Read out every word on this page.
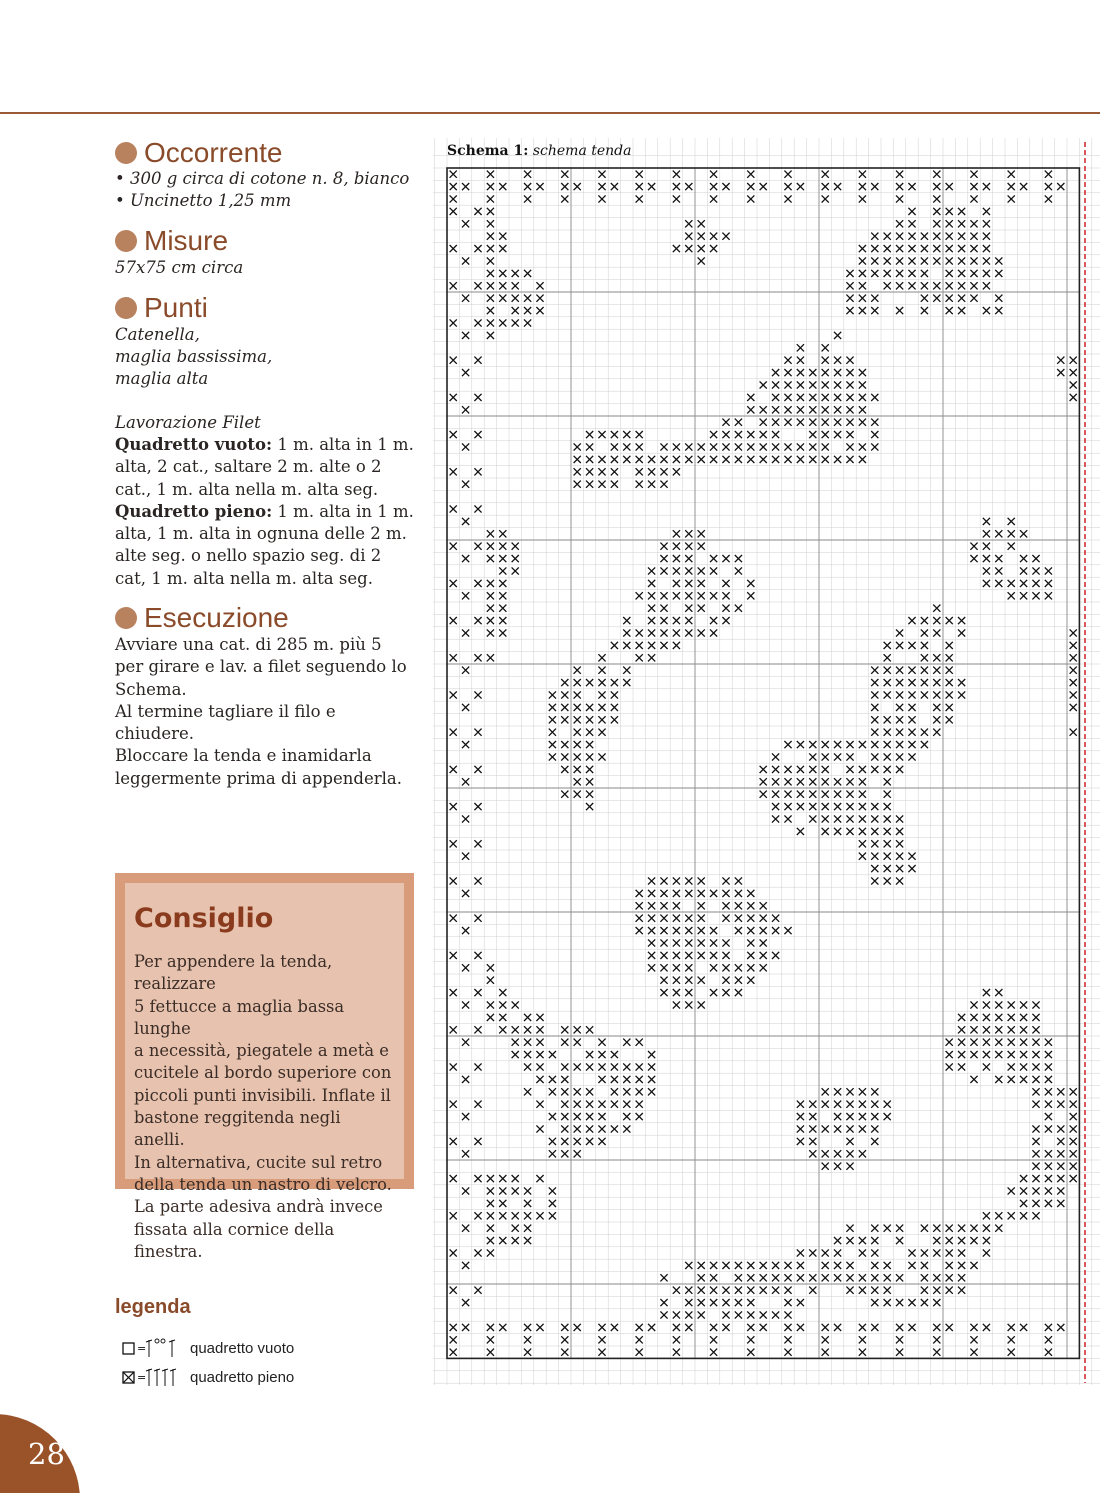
Occorrente
• 300 g circa di cotone n. 8, bianco
• Uncinetto 1,25 mm
Misure
57x75 cm circa
Punti
Catenella,
maglia bassissima,
maglia alta
Lavorazione Filet
Quadretto vuoto: 1 m. alta in 1 m. alta, 2 cat., saltare 2 m. alte o 2 cat., 1 m. alta nella m. alta seg.
Quadretto pieno: 1 m. alta in 1 m. alta, 1 m. alta in ognuna delle 2 m. alte seg. o nello spazio seg. di 2 cat, 1 m. alta nella m. alta seg.
Esecuzione
Avviare una cat. di 285 m. più 5
per girare e lav. a filet seguendo lo
Schema.
Al termine tagliare il filo e chiudere.
Bloccare la tenda e inamidarla
leggermente prima di appenderla.
Consiglio
Per appendere la tenda, realizzare
5 fettucce a maglia bassa lunghe
a necessità, piegatele a metà e
cucitele al bordo superiore con
piccoli punti invisibili. Inflate il
bastone reggitenda negli anelli.
In alternativa, cucite sul retro
della tenda un nastro di velcro.
La parte adesiva andrà invece
fissata alla cornice della finestra.
legenda
=	quadretto vuoto
=	quadretto pieno
28
Schema 1: schema tenda
